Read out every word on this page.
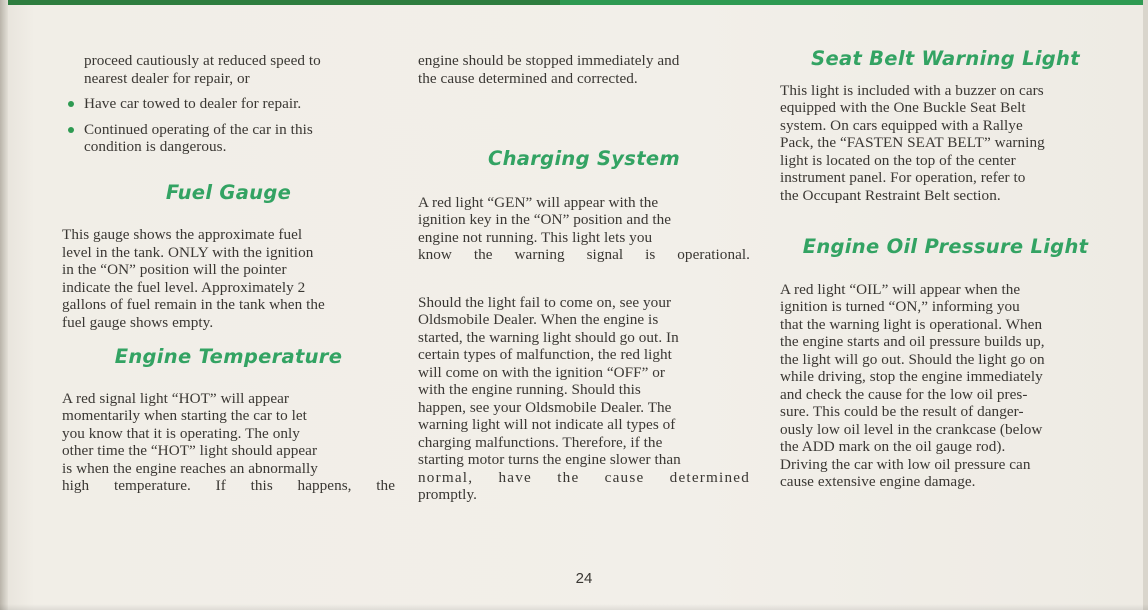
proceed cautiously at reduced speed to

nearest dealer for repair, or

Have car towed to dealer for repair.

Continued operating of the car in this

condition is dangerous.

Fuel Gauge

This gauge shows the approximate fuel

level in the tank. ONLY with the ignition

in the “ON” position will the pointer

indicate the fuel level. Approximately 2

gallons of fuel remain in the tank when the

fuel gauge shows empty.

Engine Temperature

A red signal light “HOT” will appear

momentarily when starting the car to let

you know that it is operating. The only

other time the “HOT” light should appear

is when the engine reaches an abnormally

high temperature. If this happens, the

engine should be stopped immediately and

the cause determined and corrected.

Charging System

A red light “GEN” will appear with the

ignition key in the “ON” position and the

engine not running. This light lets you

know the warning signal is operational.

Should the light fail to come on, see your

Oldsmobile Dealer. When the engine is

started, the warning light should go out. In

certain types of malfunction, the red light

will come on with the ignition “OFF” or

with the engine running. Should this

happen, see your Oldsmobile Dealer. The

warning light will not indicate all types of

charging malfunctions. Therefore, if the

starting motor turns the engine slower than

normal, have the cause determined

promptly.

Seat Belt Warning Light

This light is included with a buzzer on cars

equipped with the One Buckle Seat Belt

system. On cars equipped with a Rallye

Pack, the “FASTEN SEAT BELT” warning

light is located on the top of the center

instrument panel. For operation, refer to

the Occupant Restraint Belt section.

Engine Oil Pressure Light

A red light “OIL” will appear when the

ignition is turned “ON,” informing you

that the warning light is operational. When

the engine starts and oil pressure builds up,

the light will go out. Should the light go on

while driving, stop the engine immediately

and check the cause for the low oil pres-

sure. This could be the result of danger-

ously low oil level in the crankcase (below

the ADD mark on the oil gauge rod).

Driving the car with low oil pressure can

cause extensive engine damage.

24
